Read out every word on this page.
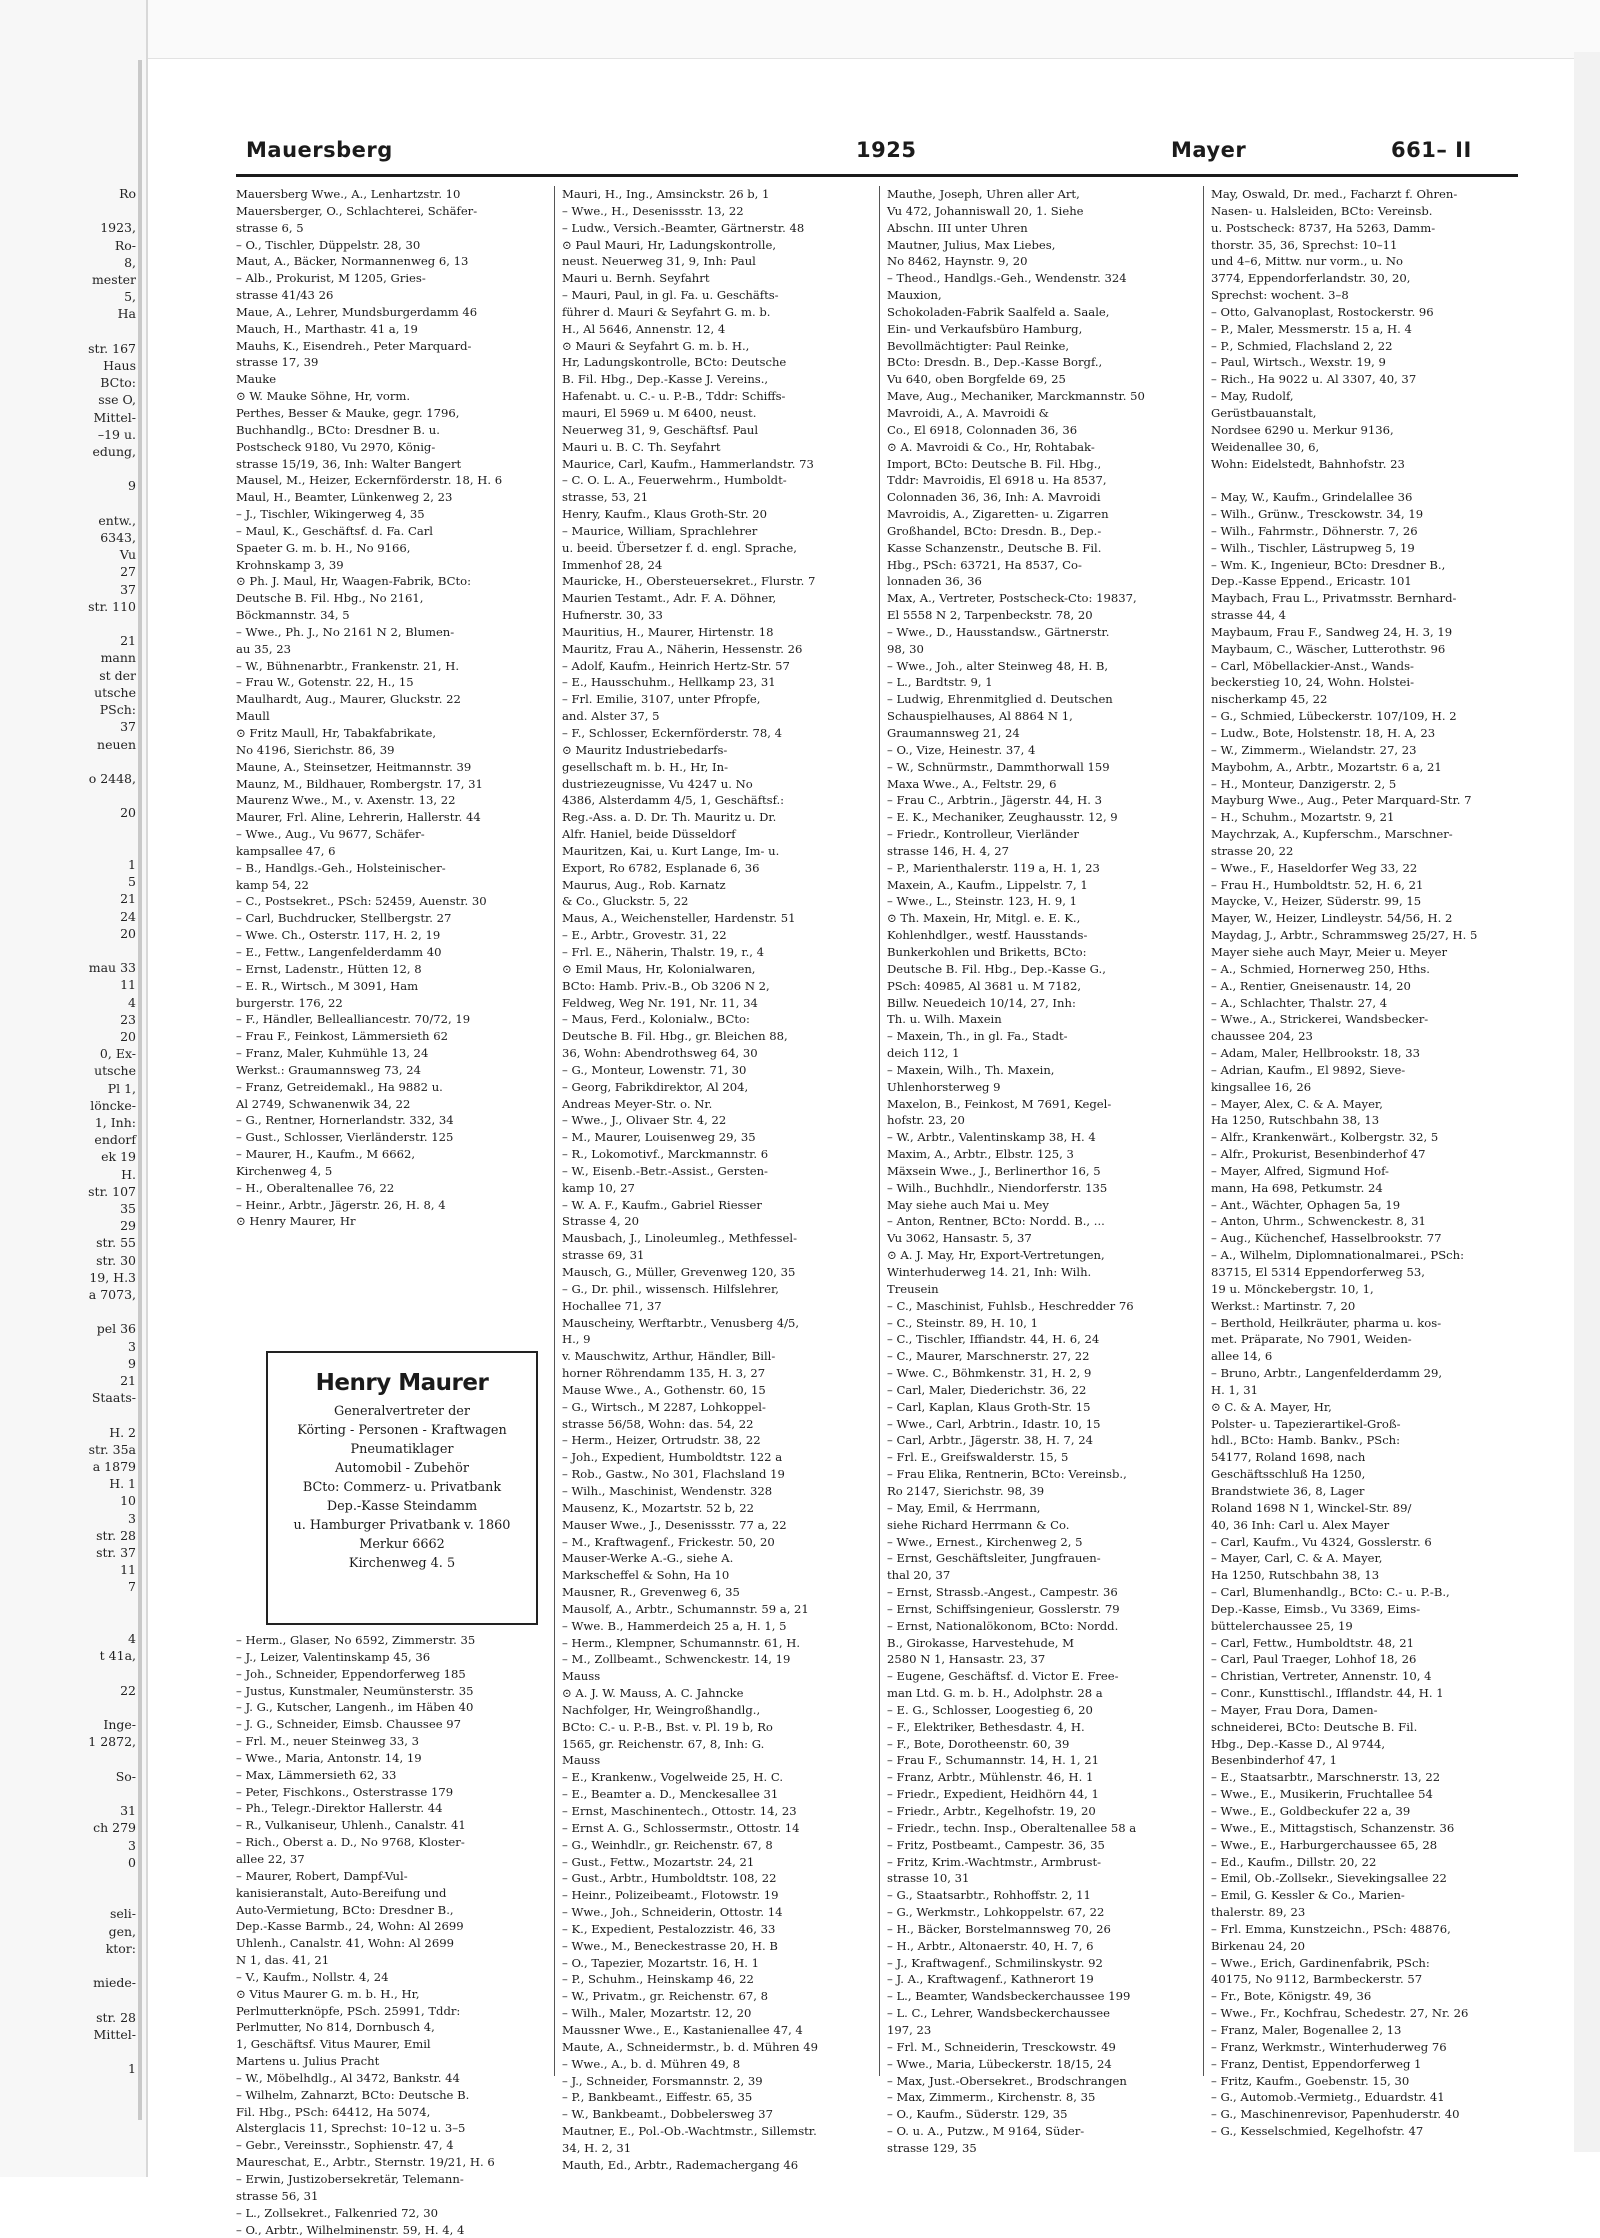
Ro

1923,
Ro-
8,
mester
5,
Ha

str. 167
Haus
BCto:
sse O,
Mittel-
–19 u.
edung,

9

entw.,
6343,
Vu
27
37
str. 110

21
mann
st der
utsche
PSch:
37
neuen

o 2448,

20

1
5
21
24
20

mau 33
11
4
23
20
0, Ex-
utsche
Pl 1,
löncke-
1, Inh:
endorf
ek 19
H.
str. 107
35
29
str. 55
str. 30
19, H.3
a 7073,

pel 36
3
9
21
Staats-

H. 2
str. 35a
a 1879
H. 1
10
3
str. 28
str. 37
11
7

4
t 41a,

22

Inge-
1 2872,

So-

31
ch 279
3
0

seli-
gen,
ktor:

miede-

str. 28
Mittel-

1
Mauersberg	1925	Mayer	661– II
Mauersberg Wwe., A., Lenhartzstr. 10
Mauersberger, O., Schlachterei, Schäfer-
strasse 6, 5
– O., Tischler, Düppelstr. 28, 30
Maut, A., Bäcker, Normannenweg 6, 13
– Alb., Prokurist, M 1205, Gries-
strasse 41/43 26
Maue, A., Lehrer, Mundsburgerdamm 46
Mauch, H., Marthastr. 41 a, 19
Mauhs, K., Eisendreh., Peter Marquard-
strasse 17, 39
Mauke
⊙ W. Mauke Söhne, Hr, vorm.
Perthes, Besser & Mauke, gegr. 1796,
Buchhandlg., BCto: Dresdner B. u.
Postscheck 9180, Vu 2970, König-
strasse 15/19, 36, Inh: Walter Bangert
Mausel, M., Heizer, Eckernförderstr. 18, H. 6
Maul, H., Beamter, Lünkenweg 2, 23
– J., Tischler, Wikingerweg 4, 35
– Maul, K., Geschäftsf. d. Fa. Carl
Spaeter G. m. b. H., No 9166,
Krohnskamp 3, 39
⊙ Ph. J. Maul, Hr, Waagen-Fabrik, BCto:
Deutsche B. Fil. Hbg., No 2161,
Böckmannstr. 34, 5
– Wwe., Ph. J., No 2161 N 2, Blumen-
au 35, 23
– W., Bühnenarbtr., Frankenstr. 21, H.
– Frau W., Gotenstr. 22, H., 15
Maulhardt, Aug., Maurer, Gluckstr. 22
Maull
⊙ Fritz Maull, Hr, Tabakfabrikate,
No 4196, Sierichstr. 86, 39
Maune, A., Steinsetzer, Heitmannstr. 39
Maunz, M., Bildhauer, Rombergstr. 17, 31
Maurenz Wwe., M., v. Axenstr. 13, 22
Maurer, Frl. Aline, Lehrerin, Hallerstr. 44
– Wwe., Aug., Vu 9677, Schäfer-
kampsallee 47, 6
– B., Handlgs.-Geh., Holsteinischer-
kamp 54, 22
– C., Postsekret., PSch: 52459, Auenstr. 30
– Carl, Buchdrucker, Stellbergstr. 27
– Wwe. Ch., Osterstr. 117, H. 2, 19
– E., Fettw., Langenfelderdamm 40
– Ernst, Ladenstr., Hütten 12, 8
– E. R., Wirtsch., M 3091, Ham
burgerstr. 176, 22
– F., Händler, Bellealliancestr. 70/72, 19
– Frau F., Feinkost, Lämmersieth 62
– Franz, Maler, Kuhmühle 13, 24
Werkst.: Graumannsweg 73, 24
– Franz, Getreidemakl., Ha 9882 u.
Al 2749, Schwanenwik 34, 22
– G., Rentner, Hornerlandstr. 332, 34
– Gust., Schlosser, Vierländerstr. 125
– Maurer, H., Kaufm., M 6662,
Kirchenweg 4, 5
– H., Oberaltenallee 76, 22
– Heinr., Arbtr., Jägerstr. 26, H. 8, 4
⊙ Henry Maurer, Hr
Henry Maurer
Generalvertreter der
Körting - Personen - Kraftwagen
Pneumatiklager
Automobil - Zubehör
BCto: Commerz- u. Privatbank
Dep.-Kasse Steindamm
u. Hamburger Privatbank v. 1860
Merkur 6662
Kirchenweg 4. 5
– Herm., Glaser, No 6592, Zimmerstr. 35
– J., Leizer, Valentinskamp 45, 36
– Joh., Schneider, Eppendorferweg 185
– Justus, Kunstmaler, Neumünsterstr. 35
– J. G., Kutscher, Langenh., im Häben 40
– J. G., Schneider, Eimsb. Chaussee 97
– Frl. M., neuer Steinweg 33, 3
– Wwe., Maria, Antonstr. 14, 19
– Max, Lämmersieth 62, 33
– Peter, Fischkons., Osterstrasse 179
– Ph., Telegr.-Direktor Hallerstr. 44
– R., Vulkaniseur, Uhlenh., Canalstr. 41
– Rich., Oberst a. D., No 9768, Kloster-
allee 22, 37
– Maurer, Robert, Dampf-Vul-
kanisieranstalt, Auto-Bereifung und
Auto-Vermietung, BCto: Dresdner B.,
Dep.-Kasse Barmb., 24, Wohn: Al 2699
Uhlenh., Canalstr. 41, Wohn: Al 2699
N 1, das. 41, 21
– V., Kaufm., Nollstr. 4, 24
⊙ Vitus Maurer G. m. b. H., Hr,
Perlmutterknöpfe, PSch. 25991, Tddr:
Perlmutter, No 814, Dornbusch 4,
1, Geschäftsf. Vitus Maurer, Emil
Martens u. Julius Pracht
– W., Möbelhdlg., Al 3472, Bankstr. 44
– Wilhelm, Zahnarzt, BCto: Deutsche B.
Fil. Hbg., PSch: 64412, Ha 5074,
Alsterglacis 11, Sprechst: 10–12 u. 3–5
– Gebr., Vereinsstr., Sophienstr. 47, 4
Maureschat, E., Arbtr., Sternstr. 19/21, H. 6
– Erwin, Justizobersekretär, Telemann-
strasse 56, 31
– L., Zollsekret., Falkenried 72, 30
– O., Arbtr., Wilhelminenstr. 59, H. 4, 4
Mauri, H., Ing., Amsinckstr. 26 b, 1
– Wwe., H., Desenissstr. 13, 22
– Ludw., Versich.-Beamter, Gärtnerstr. 48
⊙ Paul Mauri, Hr, Ladungskontrolle,
neust. Neuerweg 31, 9, Inh: Paul
Mauri u. Bernh. Seyfahrt
– Mauri, Paul, in gl. Fa. u. Geschäfts-
führer d. Mauri & Seyfahrt G. m. b.
H., Al 5646, Annenstr. 12, 4
⊙ Mauri & Seyfahrt G. m. b. H.,
Hr, Ladungskontrolle, BCto: Deutsche
B. Fil. Hbg., Dep.-Kasse J. Vereins.,
Hafenabt. u. C.- u. P.-B., Tddr: Schiffs-
mauri, El 5969 u. M 6400, neust.
Neuerweg 31, 9, Geschäftsf. Paul
Mauri u. B. C. Th. Seyfahrt
Maurice, Carl, Kaufm., Hammerlandstr. 73
– C. O. L. A., Feuerwehrm., Humboldt-
strasse, 53, 21
Henry, Kaufm., Klaus Groth-Str. 20
– Maurice, William, Sprachlehrer
u. beeid. Übersetzer f. d. engl. Sprache,
Immenhof 28, 24
Mauricke, H., Obersteuersekret., Flurstr. 7
Maurien Testamt., Adr. F. A. Döhner,
Hufnerstr. 30, 33
Mauritius, H., Maurer, Hirtenstr. 18
Mauritz, Frau A., Näherin, Hessenstr. 26
– Adolf, Kaufm., Heinrich Hertz-Str. 57
– E., Hausschuhm., Hellkamp 23, 31
– Frl. Emilie, 3107, unter Pfropfe,
and. Alster 37, 5
– F., Schlosser, Eckernförderstr. 78, 4
⊙ Mauritz Industriebedarfs-
gesellschaft m. b. H., Hr, In-
dustriezeugnisse, Vu 4247 u. No
4386, Alsterdamm 4/5, 1, Geschäftsf.:
Reg.-Ass. a. D. Dr. Th. Mauritz u. Dr.
Alfr. Haniel, beide Düsseldorf
Mauritzen, Kai, u. Kurt Lange, Im- u.
Export, Ro 6782, Esplanade 6, 36
Maurus, Aug., Rob. Karnatz
& Co., Gluckstr. 5, 22
Maus, A., Weichensteller, Hardenstr. 51
– E., Arbtr., Grovestr. 31, 22
– Frl. E., Näherin, Thalstr. 19, r., 4
⊙ Emil Maus, Hr, Kolonialwaren,
BCto: Hamb. Priv.-B., Ob 3206 N 2,
Feldweg, Weg Nr. 191, Nr. 11, 34
– Maus, Ferd., Kolonialw., BCto:
Deutsche B. Fil. Hbg., gr. Bleichen 88,
36, Wohn: Abendrothsweg 64, 30
– G., Monteur, Lowenstr. 71, 30
– Georg, Fabrikdirektor, Al 204,
Andreas Meyer-Str. o. Nr.
– Wwe., J., Olivaer Str. 4, 22
– M., Maurer, Louisenweg 29, 35
– R., Lokomotivf., Marckmannstr. 6
– W., Eisenb.-Betr.-Assist., Gersten-
kamp 10, 27
– W. A. F., Kaufm., Gabriel Riesser
Strasse 4, 20
Mausbach, J., Linoleumleg., Methfessel-
strasse 69, 31
Mausch, G., Müller, Grevenweg 120, 35
– G., Dr. phil., wissensch. Hilfslehrer,
Hochallee 71, 37
Mauscheiny, Werftarbtr., Venusberg 4/5,
H., 9
v. Mauschwitz, Arthur, Händler, Bill-
horner Röhrendamm 135, H. 3, 27
Mause Wwe., A., Gothenstr. 60, 15
– G., Wirtsch., M 2287, Lohkoppel-
strasse 56/58, Wohn: das. 54, 22
– Herm., Heizer, Ortrudstr. 38, 22
– Joh., Expedient, Humboldtstr. 122 a
– Rob., Gastw., No 301, Flachsland 19
– Wilh., Maschinist, Wendenstr. 328
Mausenz, K., Mozartstr. 52 b, 22
Mauser Wwe., J., Desenissstr. 77 a, 22
– M., Kraftwagenf., Frickestr. 50, 20
Mauser-Werke A.-G., siehe A.
Markscheffel & Sohn, Ha 10
Mausner, R., Grevenweg 6, 35
Mausolf, A., Arbtr., Schumannstr. 59 a, 21
– Wwe. B., Hammerdeich 25 a, H. 1, 5
– Herm., Klempner, Schumannstr. 61, H.
– M., Zollbeamt., Schwenckestr. 14, 19
Mauss
⊙ A. J. W. Mauss, A. C. Jahncke
Nachfolger, Hr, Weingroßhandlg.,
BCto: C.- u. P.-B., Bst. v. Pl. 19 b, Ro
1565, gr. Reichenstr. 67, 8, Inh: G.
Mauss
– E., Krankenw., Vogelweide 25, H. C.
– E., Beamter a. D., Menckesallee 31
– Ernst, Maschinentech., Ottostr. 14, 23
– Ernst A. G., Schlossermstr., Ottostr. 14
– G., Weinhdlr., gr. Reichenstr. 67, 8
– Gust., Fettw., Mozartstr. 24, 21
– Gust., Arbtr., Humboldtstr. 108, 22
– Heinr., Polizeibeamt., Flotowstr. 19
– Wwe., Joh., Schneiderin, Ottostr. 14
– K., Expedient, Pestalozzistr. 46, 33
– Wwe., M., Beneckestrasse 20, H. B
– O., Tapezier, Mozartstr. 16, H. 1
– P., Schuhm., Heinskamp 46, 22
– W., Privatm., gr. Reichenstr. 67, 8
– Wilh., Maler, Mozartstr. 12, 20
Maussner Wwe., E., Kastanienallee 47, 4
Maute, A., Schneidermstr., b. d. Mühren 49
– Wwe., A., b. d. Mühren 49, 8
– J., Schneider, Forsmannstr. 2, 39
– P., Bankbeamt., Eiffestr. 65, 35
– W., Bankbeamt., Dobbelersweg 37
Mautner, E., Pol.-Ob.-Wachtmstr., Sillemstr.
34, H. 2, 31
Mauth, Ed., Arbtr., Rademachergang 46
Mauthe, Joseph, Uhren aller Art,
Vu 472, Johanniswall 20, 1. Siehe
Abschn. III unter Uhren
Mautner, Julius, Max Liebes,
No 8462, Haynstr. 9, 20
– Theod., Handlgs.-Geh., Wendenstr. 324
Mauxion,
Schokoladen-Fabrik Saalfeld a. Saale,
Ein- und Verkaufsbüro Hamburg,
Bevollmächtigter: Paul Reinke,
BCto: Dresdn. B., Dep.-Kasse Borgf.,
Vu 640, oben Borgfelde 69, 25
Mave, Aug., Mechaniker, Marckmannstr. 50
Mavroidi, A., A. Mavroidi &
Co., El 6918, Colonnaden 36, 36
⊙ A. Mavroidi & Co., Hr, Rohtabak-
Import, BCto: Deutsche B. Fil. Hbg.,
Tddr: Mavroidis, El 6918 u. Ha 8537,
Colonnaden 36, 36, Inh: A. Mavroidi
Mavroidis, A., Zigaretten- u. Zigarren
Großhandel, BCto: Dresdn. B., Dep.-
Kasse Schanzenstr., Deutsche B. Fil.
Hbg., PSch: 63721, Ha 8537, Co-
lonnaden 36, 36
Max, A., Vertreter, Postscheck-Cto: 19837,
El 5558 N 2, Tarpenbeckstr. 78, 20
– Wwe., D., Hausstandsw., Gärtnerstr.
98, 30
– Wwe., Joh., alter Steinweg 48, H. B,
– L., Bardtstr. 9, 1
– Ludwig, Ehrenmitglied d. Deutschen
Schauspielhauses, Al 8864 N 1,
Graumannsweg 21, 24
– O., Vize, Heinestr. 37, 4
– W., Schnürmstr., Dammthorwall 159
Maxa Wwe., A., Feltstr. 29, 6
– Frau C., Arbtrin., Jägerstr. 44, H. 3
– E. K., Mechaniker, Zeughausstr. 12, 9
– Friedr., Kontrolleur, Vierländer
strasse 146, H. 4, 27
– P., Marienthalerstr. 119 a, H. 1, 23
Maxein, A., Kaufm., Lippelstr. 7, 1
– Wwe., L., Steinstr. 123, H. 9, 1
⊙ Th. Maxein, Hr, Mitgl. e. E. K.,
Kohlenhdlger., westf. Hausstands-
Bunkerkohlen und Briketts, BCto:
Deutsche B. Fil. Hbg., Dep.-Kasse G.,
PSch: 40985, Al 3681 u. M 7182,
Billw. Neuedeich 10/14, 27, Inh:
Th. u. Wilh. Maxein
– Maxein, Th., in gl. Fa., Stadt-
deich 112, 1
– Maxein, Wilh., Th. Maxein,
Uhlenhorsterweg 9
Maxelon, B., Feinkost, M 7691, Kegel-
hofstr. 23, 20
– W., Arbtr., Valentinskamp 38, H. 4
Maxim, A., Arbtr., Elbstr. 125, 3
Mäxsein Wwe., J., Berlinerthor 16, 5
– Wilh., Buchhdlr., Niendorferstr. 135
May siehe auch Mai u. Mey
– Anton, Rentner, BCto: Nordd. B., ...
Vu 3062, Hansastr. 5, 37
⊙ A. J. May, Hr, Export-Vertretungen,
Winterhuderweg 14. 21, Inh: Wilh.
Treusein
– C., Maschinist, Fuhlsb., Heschredder 76
– C., Steinstr. 89, H. 10, 1
– C., Tischler, Iffiandstr. 44, H. 6, 24
– C., Maurer, Marschnerstr. 27, 22
– Wwe. C., Böhmkenstr. 31, H. 2, 9
– Carl, Maler, Diederichstr. 36, 22
– Carl, Kaplan, Klaus Groth-Str. 15
– Wwe., Carl, Arbtrin., Idastr. 10, 15
– Carl, Arbtr., Jägerstr. 38, H. 7, 24
– Frl. E., Greifswalderstr. 15, 5
– Frau Elika, Rentnerin, BCto: Vereinsb.,
Ro 2147, Sierichstr. 98, 39
– May, Emil, & Herrmann,
siehe Richard Herrmann & Co.
– Wwe., Ernest., Kirchenweg 2, 5
– Ernst, Geschäftsleiter, Jungfrauen-
thal 20, 37
– Ernst, Strassb.-Angest., Campestr. 36
– Ernst, Schiffsingenieur, Gosslerstr. 79
– Ernst, Nationalökonom, BCto: Nordd.
B., Girokasse, Harvestehude, M
2580 N 1, Hansastr. 23, 37
– Eugene, Geschäftsf. d. Victor E. Free-
man Ltd. G. m. b. H., Adolphstr. 28 a
– E. G., Schlosser, Loogestieg 6, 20
– F., Elektriker, Bethesdastr. 4, H.
– F., Bote, Dorotheenstr. 60, 39
– Frau F., Schumannstr. 14, H. 1, 21
– Franz, Arbtr., Mühlenstr. 46, H. 1
– Friedr., Expedient, Heidhörn 44, 1
– Friedr., Arbtr., Kegelhofstr. 19, 20
– Friedr., techn. Insp., Oberaltenallee 58 a
– Fritz, Postbeamt., Campestr. 36, 35
– Fritz, Krim.-Wachtmstr., Armbrust-
strasse 10, 31
– G., Staatsarbtr., Rohhoffstr. 2, 11
– G., Werkmstr., Lohkoppelstr. 67, 22
– H., Bäcker, Borstelmannsweg 70, 26
– H., Arbtr., Altonaerstr. 40, H. 7, 6
– J., Kraftwagenf., Schmilinskystr. 92
– J. A., Kraftwagenf., Kathnerort 19
– L., Beamter, Wandsbeckerchaussee 199
– L. C., Lehrer, Wandsbeckerchaussee
197, 23
– Frl. M., Schneiderin, Tresckowstr. 49
– Wwe., Maria, Lübeckerstr. 18/15, 24
– Max, Just.-Obersekret., Brodschrangen
– Max, Zimmerm., Kirchenstr. 8, 35
– O., Kaufm., Süderstr. 129, 35
– O. u. A., Putzw., M 9164, Süder-
strasse 129, 35
May, Oswald, Dr. med., Facharzt f. Ohren-
Nasen- u. Halsleiden, BCto: Vereinsb.
u. Postscheck: 8737, Ha 5263, Damm-
thorstr. 35, 36, Sprechst: 10–11
und 4–6, Mittw. nur vorm., u. No
3774, Eppendorferlandstr. 30, 20,
Sprechst: wochent. 3–8
– Otto, Galvanoplast, Rostockerstr. 96
– P., Maler, Messmerstr. 15 a, H. 4
– P., Schmied, Flachsland 2, 22
– Paul, Wirtsch., Wexstr. 19, 9
– Rich., Ha 9022 u. Al 3307, 40, 37
– May, Rudolf,
Gerüstbauanstalt,
Nordsee 6290 u. Merkur 9136,
Weidenallee 30, 6,
Wohn: Eidelstedt, Bahnhofstr. 23

– May, W., Kaufm., Grindelallee 36
– Wilh., Grünw., Tresckowstr. 34, 19
– Wilh., Fahrmstr., Döhnerstr. 7, 26
– Wilh., Tischler, Lästrupweg 5, 19
– Wm. K., Ingenieur, BCto: Dresdner B.,
Dep.-Kasse Eppend., Ericastr. 101
Maybach, Frau L., Privatmsstr. Bernhard-
strasse 44, 4
Maybaum, Frau F., Sandweg 24, H. 3, 19
Maybaum, C., Wäscher, Lutterothstr. 96
– Carl, Möbellackier-Anst., Wands-
beckerstieg 10, 24, Wohn. Holstei-
nischerkamp 45, 22
– G., Schmied, Lübeckerstr. 107/109, H. 2
– Ludw., Bote, Holstenstr. 18, H. A, 23
– W., Zimmerm., Wielandstr. 27, 23
Maybohm, A., Arbtr., Mozartstr. 6 a, 21
– H., Monteur, Danzigerstr. 2, 5
Mayburg Wwe., Aug., Peter Marquard-Str. 7
– H., Schuhm., Mozartstr. 9, 21
Maychrzak, A., Kupferschm., Marschner-
strasse 20, 22
– Wwe., F., Haseldorfer Weg 33, 22
– Frau H., Humboldtstr. 52, H. 6, 21
Maycke, V., Heizer, Süderstr. 99, 15
Mayer, W., Heizer, Lindleystr. 54/56, H. 2
Maydag, J., Arbtr., Schrammsweg 25/27, H. 5
Mayer siehe auch Mayr, Meier u. Meyer
– A., Schmied, Hornerweg 250, Hths.
– A., Rentier, Gneisenaustr. 14, 20
– A., Schlachter, Thalstr. 27, 4
– Wwe., A., Strickerei, Wandsbecker-
chaussee 204, 23
– Adam, Maler, Hellbrookstr. 18, 33
– Adrian, Kaufm., El 9892, Sieve-
kingsallee 16, 26
– Mayer, Alex, C. & A. Mayer,
Ha 1250, Rutschbahn 38, 13
– Alfr., Krankenwärt., Kolbergstr. 32, 5
– Alfr., Prokurist, Besenbinderhof 47
– Mayer, Alfred, Sigmund Hof-
mann, Ha 698, Petkumstr. 24
– Ant., Wächter, Ophagen 5a, 19
– Anton, Uhrm., Schwenckestr. 8, 31
– Aug., Küchenchef, Hasselbrookstr. 77
– A., Wilhelm, Diplomnationalmarei., PSch:
83715, El 5314 Eppendorferweg 53,
19 u. Mönckebergstr. 10, 1,
Werkst.: Martinstr. 7, 20
– Berthold, Heilkräuter, pharma u. kos-
met. Präparate, No 7901, Weiden-
allee 14, 6
– Bruno, Arbtr., Langenfelderdamm 29,
H. 1, 31
⊙ C. & A. Mayer, Hr,
Polster- u. Tapezierartikel-Groß-
hdl., BCto: Hamb. Bankv., PSch:
54177, Roland 1698, nach
Geschäftsschluß Ha 1250,
Brandstwiete 36, 8, Lager
Roland 1698 N 1, Winckel-Str. 89/
40, 36 Inh: Carl u. Alex Mayer
– Carl, Kaufm., Vu 4324, Gosslerstr. 6
– Mayer, Carl, C. & A. Mayer,
Ha 1250, Rutschbahn 38, 13
– Carl, Blumenhandlg., BCto: C.- u. P.-B.,
Dep.-Kasse, Eimsb., Vu 3369, Eims-
büttelerchaussee 25, 19
– Carl, Fettw., Humboldtstr. 48, 21
– Carl, Paul Traeger, Lohhof 18, 26
– Christian, Vertreter, Annenstr. 10, 4
– Conr., Kunsttischl., Ifflandstr. 44, H. 1
– Mayer, Frau Dora, Damen-
schneiderei, BCto: Deutsche B. Fil.
Hbg., Dep.-Kasse D., Al 9744,
Besenbinderhof 47, 1
– E., Staatsarbtr., Marschnerstr. 13, 22
– Wwe., E., Musikerin, Fruchtallee 54
– Wwe., E., Goldbeckufer 22 a, 39
– Wwe., E., Mittagstisch, Schanzenstr. 36
– Wwe., E., Harburgerchaussee 65, 28
– Ed., Kaufm., Dillstr. 20, 22
– Emil, Ob.-Zollsekr., Sievekingsallee 22
– Emil, G. Kessler & Co., Marien-
thalerstr. 89, 23
– Frl. Emma, Kunstzeichn., PSch: 48876,
Birkenau 24, 20
– Wwe., Erich, Gardinenfabrik, PSch:
40175, No 9112, Barmbeckerstr. 57
– Fr., Bote, Königstr. 49, 36
– Wwe., Fr., Kochfrau, Schedestr. 27, Nr. 26
– Franz, Maler, Bogenallee 2, 13
– Franz, Werkmstr., Winterhuderweg 76
– Franz, Dentist, Eppendorferweg 1
– Fritz, Kaufm., Goebenstr. 15, 30
– G., Automob.-Vermietg., Eduardstr. 41
– G., Maschinenrevisor, Papenhuderstr. 40
– G., Kesselschmied, Kegelhofstr. 47
